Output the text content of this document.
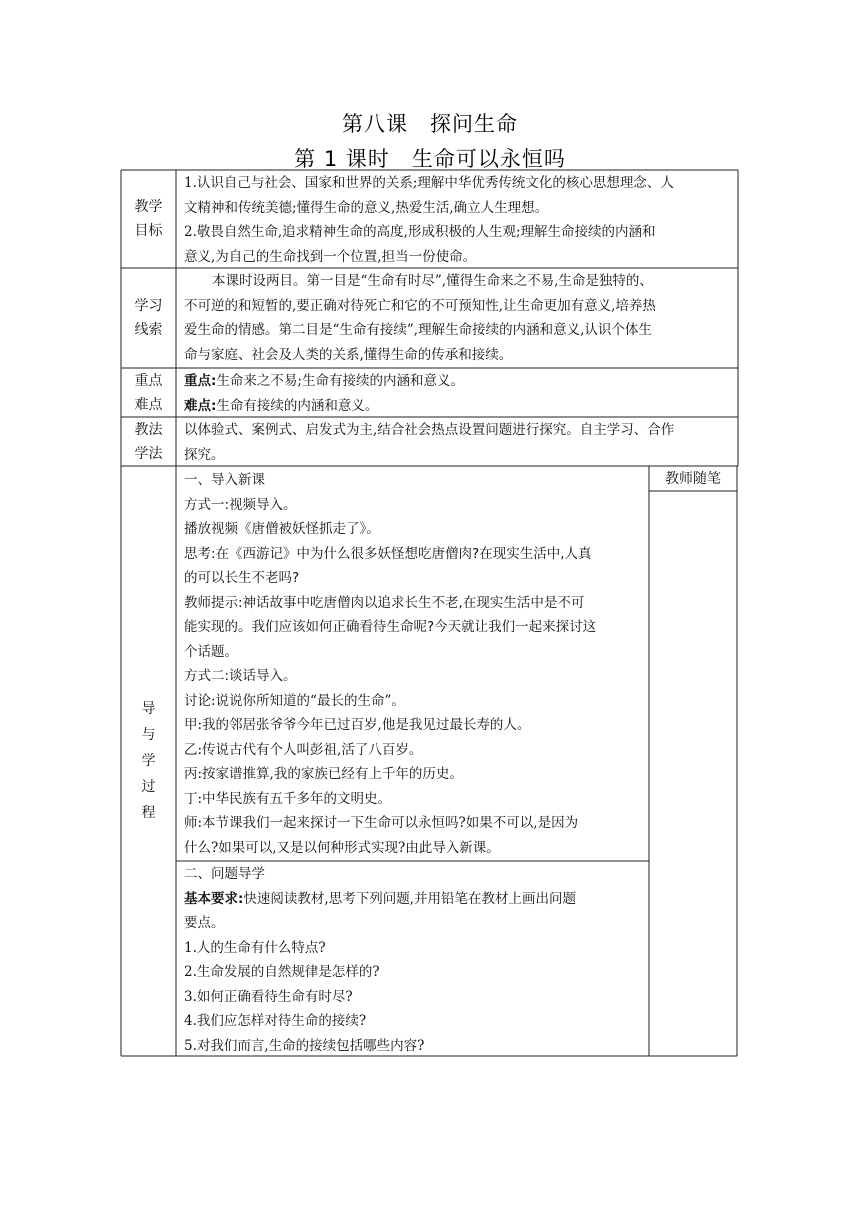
第八课 探问生命
第 1 课时 生命可以永恒吗
教学
目标
1.认识自己与社会、国家和世界的关系;理解中华优秀传统文化的核心思想理念、人
文精神和传统美德;懂得生命的意义,热爱生活,确立人生理想。
2.敬畏自然生命,追求精神生命的高度,形成积极的人生观;理解生命接续的内涵和
意义,为自己的生命找到一个位置,担当一份使命。
学习
线索
本课时设两目。第一目是“生命有时尽”,懂得生命来之不易,生命是独特的、
不可逆的和短暂的,要正确对待死亡和它的不可预知性,让生命更加有意义,培养热
爱生命的情感。第二目是“生命有接续”,理解生命接续的内涵和意义,认识个体生
命与家庭、社会及人类的关系,懂得生命的传承和接续。
重点
难点
重点:生命来之不易;生命有接续的内涵和意义。
难点:生命有接续的内涵和意义。
教法
学法
以体验式、案例式、启发式为主,结合社会热点设置问题进行探究。自主学习、合作
探究。
导
与
学
过
程
教师随笔
一、导入新课
方式一:视频导入。
播放视频《唐僧被妖怪抓走了》。
思考:在《西游记》中为什么很多妖怪想吃唐僧肉?在现实生活中,人真
的可以长生不老吗?
教师提示:神话故事中吃唐僧肉以追求长生不老,在现实生活中是不可
能实现的。我们应该如何正确看待生命呢?今天就让我们一起来探讨这
个话题。
方式二:谈话导入。
讨论:说说你所知道的“最长的生命”。
甲:我的邻居张爷爷今年已过百岁,他是我见过最长寿的人。
乙:传说古代有个人叫彭祖,活了八百岁。
丙:按家谱推算,我的家族已经有上千年的历史。
丁:中华民族有五千多年的文明史。
师:本节课我们一起来探讨一下生命可以永恒吗?如果不可以,是因为
什么?如果可以,又是以何种形式实现?由此导入新课。
二、问题导学
基本要求:快速阅读教材,思考下列问题,并用铅笔在教材上画出问题
要点。
1.人的生命有什么特点?
2.生命发展的自然规律是怎样的?
3.如何正确看待生命有时尽?
4.我们应怎样对待生命的接续?
5.对我们而言,生命的接续包括哪些内容?
